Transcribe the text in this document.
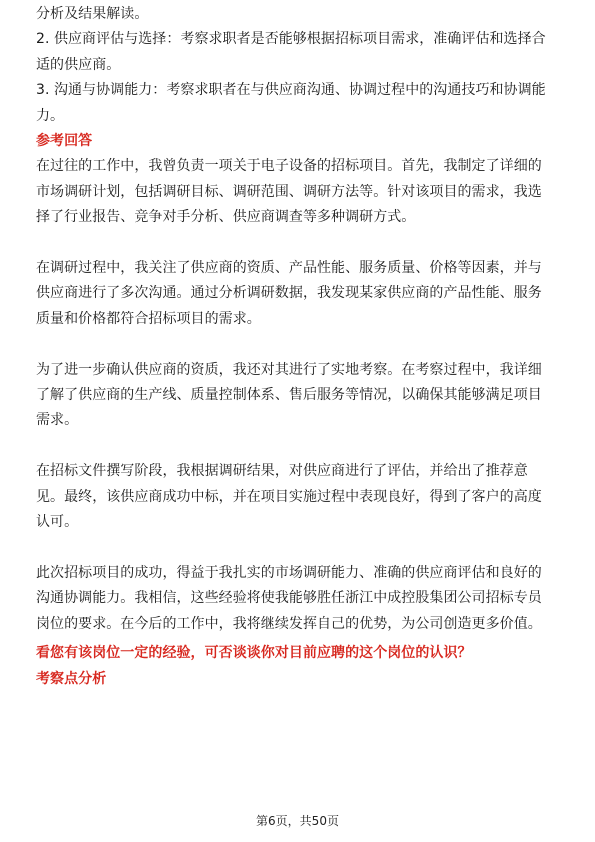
分析及结果解读。
2. 供应商评估与选择：考察求职者是否能够根据招标项目需求，准确评估和选择合
适的供应商。
3. 沟通与协调能力：考察求职者在与供应商沟通、协调过程中的沟通技巧和协调能
力。
参考回答
在过往的工作中，我曾负责一项关于电子设备的招标项目。首先，我制定了详细的
市场调研计划，包括调研目标、调研范围、调研方法等。针对该项目的需求，我选
择了行业报告、竞争对手分析、供应商调查等多种调研方式。
在调研过程中，我关注了供应商的资质、产品性能、服务质量、价格等因素，并与
供应商进行了多次沟通。通过分析调研数据，我发现某家供应商的产品性能、服务
质量和价格都符合招标项目的需求。
为了进一步确认供应商的资质，我还对其进行了实地考察。在考察过程中，我详细
了解了供应商的生产线、质量控制体系、售后服务等情况，以确保其能够满足项目
需求。
在招标文件撰写阶段，我根据调研结果，对供应商进行了评估，并给出了推荐意
见。最终，该供应商成功中标，并在项目实施过程中表现良好，得到了客户的高度
认可。
此次招标项目的成功，得益于我扎实的市场调研能力、准确的供应商评估和良好的
沟通协调能力。我相信，这些经验将使我能够胜任浙江中成控股集团公司招标专员
岗位的要求。在今后的工作中，我将继续发挥自己的优势，为公司创造更多价值。
看您有该岗位一定的经验，可否谈谈你对目前应聘的这个岗位的认识？
考察点分析
第6页，共50页
